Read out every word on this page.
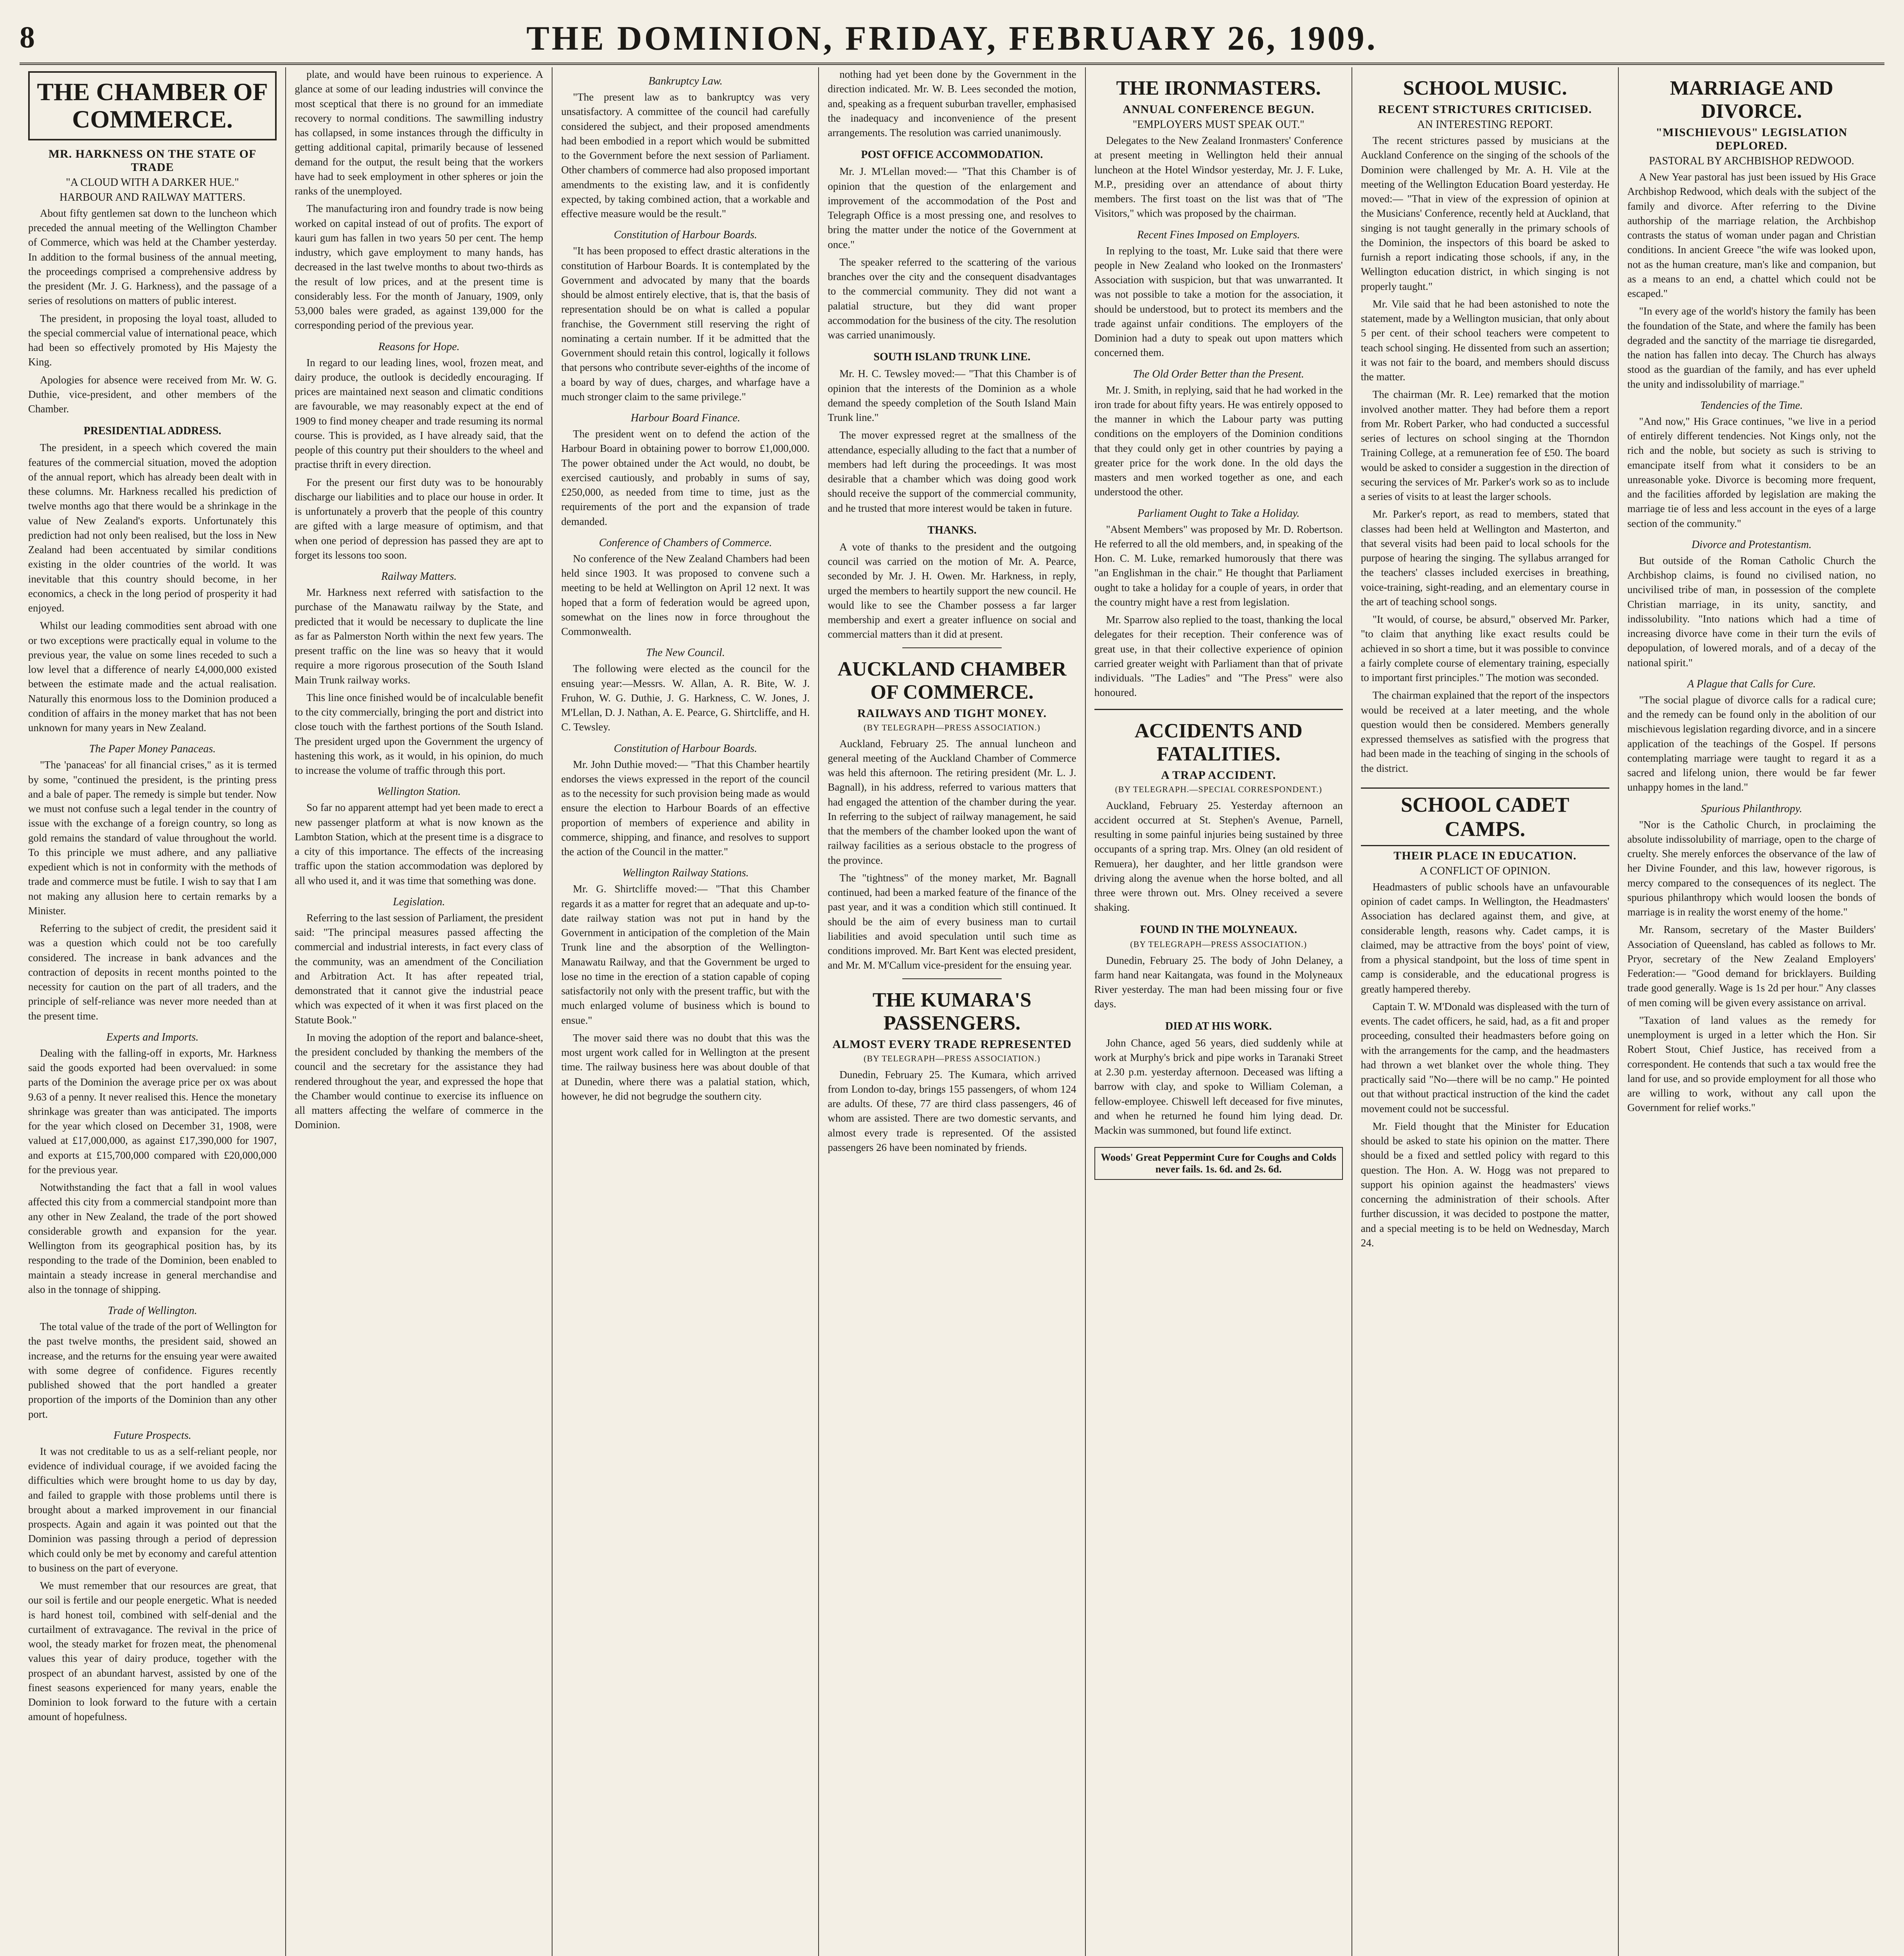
8	THE DOMINION, FRIDAY, FEBRUARY 26, 1909.
THE CHAMBER OF COMMERCE.
MR. HARKNESS ON THE STATE OF TRADE
"A CLOUD WITH A DARKER HUE."
HARBOUR AND RAILWAY MATTERS.

About fifty gentlemen sat down to the luncheon which preceded the annual meeting of the Wellington Chamber of Commerce, which was held at the Chamber yesterday. In addition to the formal business of the annual meeting, the proceedings comprised a comprehensive address by the president (Mr. J. G. Harkness), and the passage of a series of resolutions on matters of public interest.

The president, in proposing the loyal toast, alluded to the special commercial value of international peace, which had been so effectively promoted by His Majesty the King.

Apologies for absence were received from Mr. W. G. Duthie, vice-president, and other members of the Chamber.

PRESIDENTIAL ADDRESS.

The president, in a speech which covered the main features of the commercial situation, moved the adoption of the annual report, which has already been dealt with in these columns. Mr. Harkness recalled his prediction of twelve months ago that there would be a shrinkage in the value of New Zealand's exports. Unfortunately this prediction had not only been realised, but the loss in New Zealand had been accentuated by similar conditions existing in the older countries of the world. It was inevitable that this country should become, in her economics, a check in the long period of prosperity it had enjoyed.

Whilst our leading commodities sent abroad with one or two exceptions were practically equal in volume to the previous year, the value on some lines receded to such a low level that a difference of nearly £4,000,000 existed between the estimate made and the actual realisation. Naturally this enormous loss to the Dominion produced a condition of affairs in the money market that has not been unknown for many years in New Zealand.

The Paper Money Panaceas.

"The 'panaceas' for all financial crises," as it is termed by some, "continued the president, is the printing press and a bale of paper. The remedy is simple but tender. Now we must not confuse such a legal tender in the country of issue with the exchange of a foreign country, so long as gold remains the standard of value throughout the world. To this principle we must adhere, and any palliative expedient which is not in conformity with the methods of trade and commerce must be futile. I wish to say that I am not making any allusion here to certain remarks by a Minister.

Referring to the subject of credit, the president said it was a question which could not be too carefully considered. The increase in bank advances and the contraction of deposits in recent months pointed to the necessity for caution on the part of all traders, and the principle of self-reliance was never more needed than at the present time.

Experts and Imports.

Dealing with the falling-off in exports, Mr. Harkness said the goods exported had been overvalued: in some parts of the Dominion the average price per ox was about 9.63 of a penny. It never realised this. Hence the monetary shrinkage was greater than was anticipated. The imports for the year which closed on December 31, 1908, were valued at £17,000,000, as against £17,390,000 for 1907, and exports at £15,700,000 compared with £20,000,000 for the previous year.

Notwithstanding the fact that a fall in wool values affected this city from a commercial standpoint more than any other in New Zealand, the trade of the port showed considerable growth and expansion for the year. Wellington from its geographical position has, by its responding to the trade of the Dominion, been enabled to maintain a steady increase in general merchandise and also in the tonnage of shipping.

Trade of Wellington.

The total value of the trade of the port of Wellington for the past twelve months, the president said, showed an increase, and the returns for the ensuing year were awaited with some degree of confidence. Figures recently published showed that the port handled a greater proportion of the imports of the Dominion than any other port.

Future Prospects.

It was not creditable to us as a self-reliant people, nor evidence of individual courage, if we avoided facing the difficulties which were brought home to us day by day, and failed to grapple with those problems until there is brought about a marked improvement in our financial prospects. Again and again it was pointed out that the Dominion was passing through a period of depression which could only be met by economy and careful attention to business on the part of everyone.

We must remember that our resources are great, that our soil is fertile and our people energetic. What is needed is hard honest toil, combined with self-denial and the curtailment of extravagance. The revival in the price of wool, the steady market for frozen meat, the phenomenal values this year of dairy produce, together with the prospect of an abundant harvest, assisted by one of the finest seasons experienced for many years, enable the Dominion to look forward to the future with a certain amount of hopefulness.

plate, and would have been ruinous to experience. A glance at some of our leading industries will convince the most sceptical that there is no ground for an immediate recovery to normal conditions. The sawmilling industry has collapsed, in some instances through the difficulty in getting additional capital, primarily because of lessened demand for the output, the result being that the workers have had to seek employment in other spheres or join the ranks of the unemployed.

The manufacturing iron and foundry trade is now being worked on capital instead of out of profits. The export of kauri gum has fallen in two years 50 per cent. The hemp industry, which gave employment to many hands, has decreased in the last twelve months to about two-thirds as the result of low prices, and at the present time is considerably less. For the month of January, 1909, only 53,000 bales were graded, as against 139,000 for the corresponding period of the previous year.

Reasons for Hope.

In regard to our leading lines, wool, frozen meat, and dairy produce, the outlook is decidedly encouraging. If prices are maintained next season and climatic conditions are favourable, we may reasonably expect at the end of 1909 to find money cheaper and trade resuming its normal course. This is provided, as I have already said, that the people of this country put their shoulders to the wheel and practise thrift in every direction.

For the present our first duty was to be honourably discharge our liabilities and to place our house in order. It is unfortunately a proverb that the people of this country are gifted with a large measure of optimism, and that when one period of depression has passed they are apt to forget its lessons too soon.

Railway Matters.

Mr. Harkness next referred with satisfaction to the purchase of the Manawatu railway by the State, and predicted that it would be necessary to duplicate the line as far as Palmerston North within the next few years. The present traffic on the line was so heavy that it would require a more rigorous prosecution of the South Island Main Trunk railway works.

This line once finished would be of incalculable benefit to the city commercially, bringing the port and district into close touch with the farthest portions of the South Island. The president urged upon the Government the urgency of hastening this work, as it would, in his opinion, do much to increase the volume of traffic through this port.

Wellington Station.

So far no apparent attempt had yet been made to erect a new passenger platform at what is now known as the Lambton Station, which at the present time is a disgrace to a city of this importance. The effects of the increasing traffic upon the station accommodation was deplored by all who used it, and it was time that something was done.

Legislation.

Referring to the last session of Parliament, the president said: "The principal measures passed affecting the commercial and industrial interests, in fact every class of the community, was an amendment of the Conciliation and Arbitration Act. It has after repeated trial, demonstrated that it cannot give the industrial peace which was expected of it when it was first placed on the Statute Book."

In moving the adoption of the report and balance-sheet, the president concluded by thanking the members of the council and the secretary for the assistance they had rendered throughout the year, and expressed the hope that the Chamber would continue to exercise its influence on all matters affecting the welfare of commerce in the Dominion.

Bankruptcy Law.

"The present law as to bankruptcy was very unsatisfactory. A committee of the council had carefully considered the subject, and their proposed amendments had been embodied in a report which would be submitted to the Government before the next session of Parliament. Other chambers of commerce had also proposed important amendments to the existing law, and it is confidently expected, by taking combined action, that a workable and effective measure would be the result."

Constitution of Harbour Boards.

"It has been proposed to effect drastic alterations in the constitution of Harbour Boards. It is contemplated by the Government and advocated by many that the boards should be almost entirely elective, that is, that the basis of representation should be on what is called a popular franchise, the Government still reserving the right of nominating a certain number. If it be admitted that the Government should retain this control, logically it follows that persons who contribute sever-eighths of the income of a board by way of dues, charges, and wharfage have a much stronger claim to the same privilege."

Harbour Board Finance.

The president went on to defend the action of the Harbour Board in obtaining power to borrow £1,000,000. The power obtained under the Act would, no doubt, be exercised cautiously, and probably in sums of say, £250,000, as needed from time to time, just as the requirements of the port and the expansion of trade demanded.

Conference of Chambers of Commerce.

No conference of the New Zealand Chambers had been held since 1903. It was proposed to convene such a meeting to be held at Wellington on April 12 next. It was hoped that a form of federation would be agreed upon, somewhat on the lines now in force throughout the Commonwealth.

The New Council.

The following were elected as the council for the ensuing year:—Messrs. W. Allan, A. R. Bite, W. J. Fruhon, W. G. Duthie, J. G. Harkness, C. W. Jones, J. M'Lellan, D. J. Nathan, A. E. Pearce, G. Shirtcliffe, and H. C. Tewsley.

Constitution of Harbour Boards.

Mr. John Duthie moved:— "That this Chamber heartily endorses the views expressed in the report of the council as to the necessity for such provision being made as would ensure the election to Harbour Boards of an effective proportion of members of experience and ability in commerce, shipping, and finance, and resolves to support the action of the Council in the matter."

Wellington Railway Stations.

Mr. G. Shirtcliffe moved:— "That this Chamber regards it as a matter for regret that an adequate and up-to-date railway station was not put in hand by the Government in anticipation of the completion of the Main Trunk line and the absorption of the Wellington-Manawatu Railway, and that the Government be urged to lose no time in the erection of a station capable of coping satisfactorily not only with the present traffic, but with the much enlarged volume of business which is bound to ensue."

The mover said there was no doubt that this was the most urgent work called for in Wellington at the present time. The railway business here was about double of that at Dunedin, where there was a palatial station, which, however, he did not begrudge the southern city.

nothing had yet been done by the Government in the direction indicated. Mr. W. B. Lees seconded the motion, and, speaking as a frequent suburban traveller, emphasised the inadequacy and inconvenience of the present arrangements. The resolution was carried unanimously.

POST OFFICE ACCOMMODATION.

Mr. J. M'Lellan moved:— "That this Chamber is of opinion that the question of the enlargement and improvement of the accommodation of the Post and Telegraph Office is a most pressing one, and resolves to bring the matter under the notice of the Government at once."

The speaker referred to the scattering of the various branches over the city and the consequent disadvantages to the commercial community. They did not want a palatial structure, but they did want proper accommodation for the business of the city. The resolution was carried unanimously.

SOUTH ISLAND TRUNK LINE.

Mr. H. C. Tewsley moved:— "That this Chamber is of opinion that the interests of the Dominion as a whole demand the speedy completion of the South Island Main Trunk line."

The mover expressed regret at the smallness of the attendance, especially alluding to the fact that a number of members had left during the proceedings. It was most desirable that a chamber which was doing good work should receive the support of the commercial community, and he trusted that more interest would be taken in future.

THANKS.

A vote of thanks to the president and the outgoing council was carried on the motion of Mr. A. Pearce, seconded by Mr. J. H. Owen. Mr. Harkness, in reply, urged the members to heartily support the new council. He would like to see the Chamber possess a far larger membership and exert a greater influence on social and commercial matters than it did at present.

AUCKLAND CHAMBER OF COMMERCE.
RAILWAYS AND TIGHT MONEY.
(BY TELEGRAPH—PRESS ASSOCIATION.)

Auckland, February 25. The annual luncheon and general meeting of the Auckland Chamber of Commerce was held this afternoon. The retiring president (Mr. L. J. Bagnall), in his address, referred to various matters that had engaged the attention of the chamber during the year. In referring to the subject of railway management, he said that the members of the chamber looked upon the want of railway facilities as a serious obstacle to the progress of the province.

The "tightness" of the money market, Mr. Bagnall continued, had been a marked feature of the finance of the past year, and it was a condition which still continued. It should be the aim of every business man to curtail liabilities and avoid speculation until such time as conditions improved. Mr. Bart Kent was elected president, and Mr. M. M'Callum vice-president for the ensuing year.

THE KUMARA'S PASSENGERS.
ALMOST EVERY TRADE REPRESENTED
(BY TELEGRAPH—PRESS ASSOCIATION.)

Dunedin, February 25. The Kumara, which arrived from London to-day, brings 155 passengers, of whom 124 are adults. Of these, 77 are third class passengers, 46 of whom are assisted. There are two domestic servants, and almost every trade is represented. Of the assisted passengers 26 have been nominated by friends.

THE IRONMASTERS.
ANNUAL CONFERENCE BEGUN.
"EMPLOYERS MUST SPEAK OUT."

Delegates to the New Zealand Ironmasters' Conference at present meeting in Wellington held their annual luncheon at the Hotel Windsor yesterday, Mr. J. F. Luke, M.P., presiding over an attendance of about thirty members. The first toast on the list was that of "The Visitors," which was proposed by the chairman.

Recent Fines Imposed on Employers.

In replying to the toast, Mr. Luke said that there were people in New Zealand who looked on the Ironmasters' Association with suspicion, but that was unwarranted. It was not possible to take a motion for the association, it should be understood, but to protect its members and the trade against unfair conditions. The employers of the Dominion had a duty to speak out upon matters which concerned them.

The Old Order Better than the Present.

Mr. J. Smith, in replying, said that he had worked in the iron trade for about fifty years. He was entirely opposed to the manner in which the Labour party was putting conditions on the employers of the Dominion conditions that they could only get in other countries by paying a greater price for the work done. In the old days the masters and men worked together as one, and each understood the other.

Parliament Ought to Take a Holiday.

"Absent Members" was proposed by Mr. D. Robertson. He referred to all the old members, and, in speaking of the Hon. C. M. Luke, remarked humorously that there was "an Englishman in the chair." He thought that Parliament ought to take a holiday for a couple of years, in order that the country might have a rest from legislation.

Mr. Sparrow also replied to the toast, thanking the local delegates for their reception. Their conference was of great use, in that their collective experience of opinion carried greater weight with Parliament than that of private individuals. "The Ladies" and "The Press" were also honoured.

ACCIDENTS AND FATALITIES.
A TRAP ACCIDENT.
(BY TELEGRAPH.—SPECIAL CORRESPONDENT.)

Auckland, February 25. Yesterday afternoon an accident occurred at St. Stephen's Avenue, Parnell, resulting in some painful injuries being sustained by three occupants of a spring trap. Mrs. Olney (an old resident of Remuera), her daughter, and her little grandson were driving along the avenue when the horse bolted, and all three were thrown out. Mrs. Olney received a severe shaking.

FOUND IN THE MOLYNEAUX.
(BY TELEGRAPH—PRESS ASSOCIATION.)

Dunedin, February 25. The body of John Delaney, a farm hand near Kaitangata, was found in the Molyneaux River yesterday. The man had been missing four or five days.

DIED AT HIS WORK.

John Chance, aged 56 years, died suddenly while at work at Murphy's brick and pipe works in Taranaki Street at 2.30 p.m. yesterday afternoon. Deceased was lifting a barrow with clay, and spoke to William Coleman, a fellow-employee. Chiswell left deceased for five minutes, and when he returned he found him lying dead. Dr. Mackin was summoned, but found life extinct.

Woods' Great Peppermint Cure for Coughs and Colds never fails. 1s. 6d. and 2s. 6d.
SCHOOL MUSIC.
RECENT STRICTURES CRITICISED.
AN INTERESTING REPORT.

The recent strictures passed by musicians at the Auckland Conference on the singing of the schools of the Dominion were challenged by Mr. A. H. Vile at the meeting of the Wellington Education Board yesterday. He moved:— "That in view of the expression of opinion at the Musicians' Conference, recently held at Auckland, that singing is not taught generally in the primary schools of the Dominion, the inspectors of this board be asked to furnish a report indicating those schools, if any, in the Wellington education district, in which singing is not properly taught."

Mr. Vile said that he had been astonished to note the statement, made by a Wellington musician, that only about 5 per cent. of their school teachers were competent to teach school singing. He dissented from such an assertion; it was not fair to the board, and members should discuss the matter.

The chairman (Mr. R. Lee) remarked that the motion involved another matter. They had before them a report from Mr. Robert Parker, who had conducted a successful series of lectures on school singing at the Thorndon Training College, at a remuneration fee of £50. The board would be asked to consider a suggestion in the direction of securing the services of Mr. Parker's work so as to include a series of visits to at least the larger schools.

Mr. Parker's report, as read to members, stated that classes had been held at Wellington and Masterton, and that several visits had been paid to local schools for the purpose of hearing the singing. The syllabus arranged for the teachers' classes included exercises in breathing, voice-training, sight-reading, and an elementary course in the art of teaching school songs.

"It would, of course, be absurd," observed Mr. Parker, "to claim that anything like exact results could be achieved in so short a time, but it was possible to convince a fairly complete course of elementary training, especially to important first principles." The motion was seconded.

The chairman explained that the report of the inspectors would be received at a later meeting, and the whole question would then be considered. Members generally expressed themselves as satisfied with the progress that had been made in the teaching of singing in the schools of the district.

SCHOOL CADET CAMPS.
THEIR PLACE IN EDUCATION.
A CONFLICT OF OPINION.

Headmasters of public schools have an unfavourable opinion of cadet camps. In Wellington, the Headmasters' Association has declared against them, and give, at considerable length, reasons why. Cadet camps, it is claimed, may be attractive from the boys' point of view, from a physical standpoint, but the loss of time spent in camp is considerable, and the educational progress is greatly hampered thereby.

Captain T. W. M'Donald was displeased with the turn of events. The cadet officers, he said, had, as a fit and proper proceeding, consulted their headmasters before going on with the arrangements for the camp, and the headmasters had thrown a wet blanket over the whole thing. They practically said "No—there will be no camp." He pointed out that without practical instruction of the kind the cadet movement could not be successful.

Mr. Field thought that the Minister for Education should be asked to state his opinion on the matter. There should be a fixed and settled policy with regard to this question. The Hon. A. W. Hogg was not prepared to support his opinion against the headmasters' views concerning the administration of their schools. After further discussion, it was decided to postpone the matter, and a special meeting is to be held on Wednesday, March 24.

MARRIAGE AND DIVORCE.
"MISCHIEVOUS" LEGISLATION DEPLORED.
PASTORAL BY ARCHBISHOP REDWOOD.

A New Year pastoral has just been issued by His Grace Archbishop Redwood, which deals with the subject of the family and divorce. After referring to the Divine authorship of the marriage relation, the Archbishop contrasts the status of woman under pagan and Christian conditions. In ancient Greece "the wife was looked upon, not as the human creature, man's like and companion, but as a means to an end, a chattel which could not be escaped."

"In every age of the world's history the family has been the foundation of the State, and where the family has been degraded and the sanctity of the marriage tie disregarded, the nation has fallen into decay. The Church has always stood as the guardian of the family, and has ever upheld the unity and indissolubility of marriage."

Tendencies of the Time.

"And now," His Grace continues, "we live in a period of entirely different tendencies. Not Kings only, not the rich and the noble, but society as such is striving to emancipate itself from what it considers to be an unreasonable yoke. Divorce is becoming more frequent, and the facilities afforded by legislation are making the marriage tie of less and less account in the eyes of a large section of the community."

Divorce and Protestantism.

But outside of the Roman Catholic Church the Archbishop claims, is found no civilised nation, no uncivilised tribe of man, in possession of the complete Christian marriage, in its unity, sanctity, and indissolubility. "Into nations which had a time of increasing divorce have come in their turn the evils of depopulation, of lowered morals, and of a decay of the national spirit."

A Plague that Calls for Cure.

"The social plague of divorce calls for a radical cure; and the remedy can be found only in the abolition of our mischievous legislation regarding divorce, and in a sincere application of the teachings of the Gospel. If persons contemplating marriage were taught to regard it as a sacred and lifelong union, there would be far fewer unhappy homes in the land."

Spurious Philanthropy.

"Nor is the Catholic Church, in proclaiming the absolute indissolubility of marriage, open to the charge of cruelty. She merely enforces the observance of the law of her Divine Founder, and this law, however rigorous, is mercy compared to the consequences of its neglect. The spurious philanthropy which would loosen the bonds of marriage is in reality the worst enemy of the home."

Mr. Ransom, secretary of the Master Builders' Association of Queensland, has cabled as follows to Mr. Pryor, secretary of the New Zealand Employers' Federation:— "Good demand for bricklayers. Building trade good generally. Wage is 1s 2d per hour." Any classes of men coming will be given every assistance on arrival.

"Taxation of land values as the remedy for unemployment is urged in a letter which the Hon. Sir Robert Stout, Chief Justice, has received from a correspondent. He contends that such a tax would free the land for use, and so provide employment for all those who are willing to work, without any call upon the Government for relief works."
